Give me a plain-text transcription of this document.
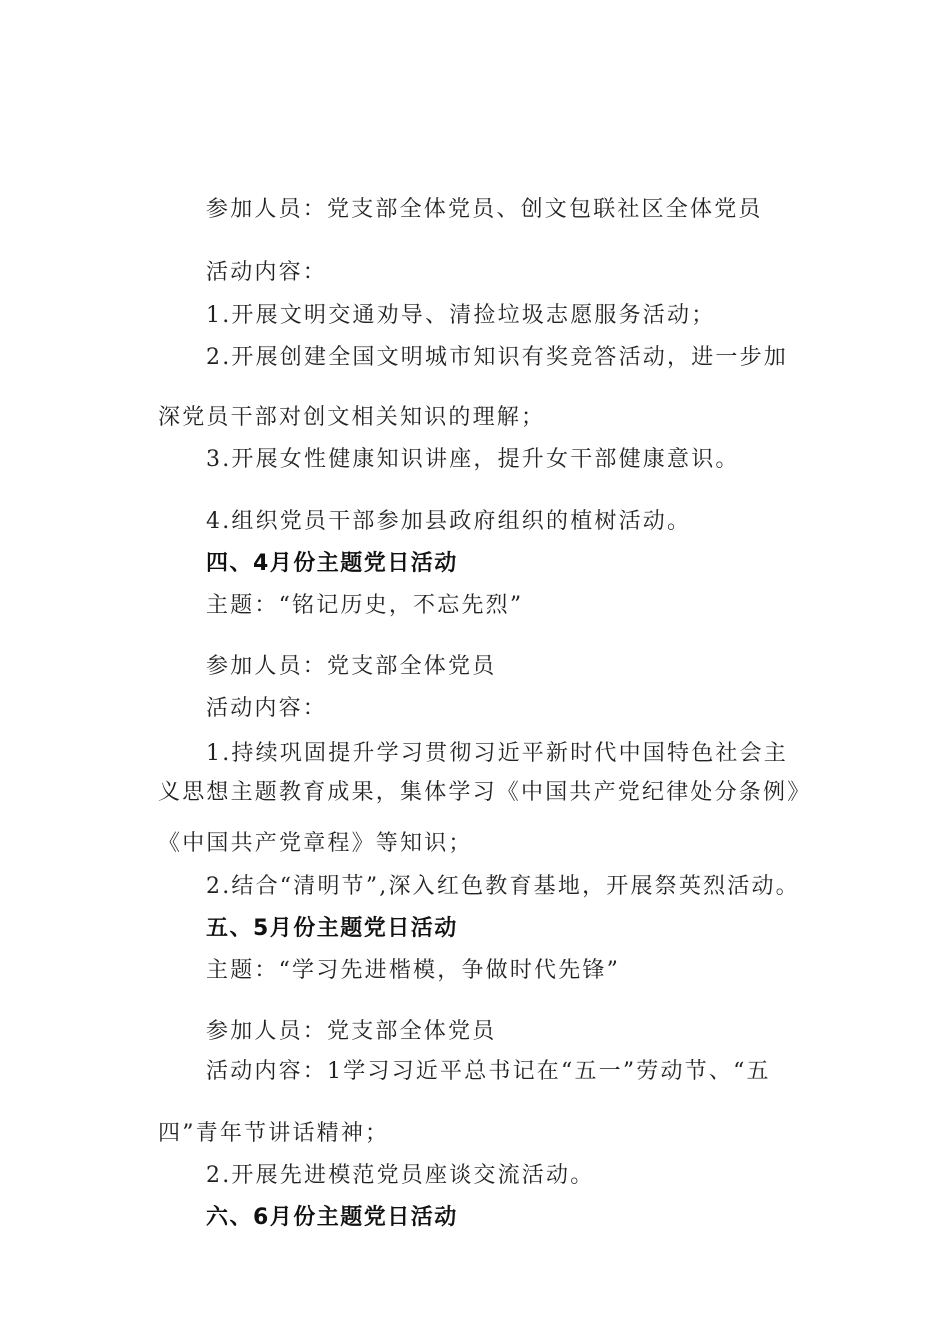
参加人员：党支部全体党员、创文包联社区全体党员

活动内容：

1.开展文明交通劝导、清捡垃圾志愿服务活动；

2.开展创建全国文明城市知识有奖竞答活动，进一步加

深党员干部对创文相关知识的理解；

3.开展女性健康知识讲座，提升女干部健康意识。

4.组织党员干部参加县政府组织的植树活动。

四、4月份主题党日活动

主题：“铭记历史，不忘先烈”

参加人员：党支部全体党员

活动内容：

1.持续巩固提升学习贯彻习近平新时代中国特色社会主

义思想主题教育成果，集体学习《中国共产党纪律处分条例》

《中国共产党章程》等知识；

2.结合“清明节”,深入红色教育基地，开展祭英烈活动。

五、5月份主题党日活动

主题：“学习先进楷模，争做时代先锋”

参加人员：党支部全体党员

活动内容：1学习习近平总书记在“五一”劳动节、“五

四”青年节讲话精神；

2.开展先进模范党员座谈交流活动。

六、6月份主题党日活动
